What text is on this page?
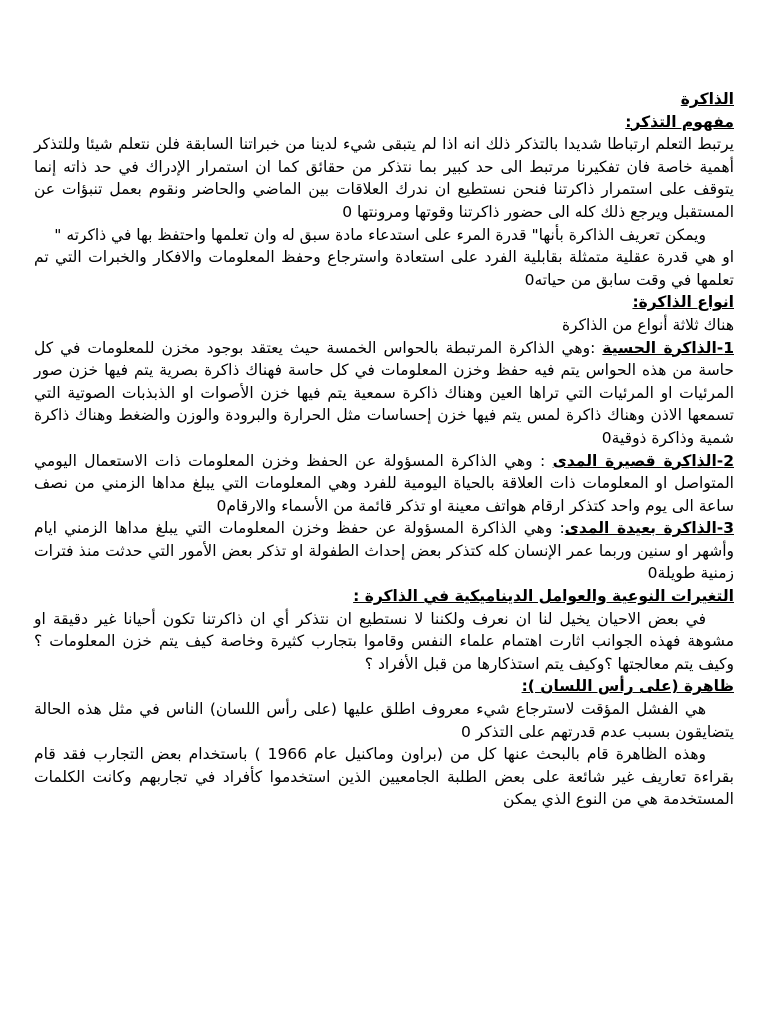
الذاكرة

مفهوم التذكر:

يرتبط التعلم ارتباطا شديدا بالتذكر ذلك انه اذا لم يتبقى شيء لدينا من خبراتنا السابقة فلن نتعلم شيئا وللتذكر أهمية خاصة فان تفكيرنا مرتبط الى حد كبير بما نتذكر من حقائق كما ان استمرار الإدراك في حد ذاته إنما يتوقف على استمرار ذاكرتنا فنحن نستطيع ان ندرك العلاقات بين الماضي والحاضر ونقوم بعمل تنبؤات عن المستقبل ويرجع ذلك كله الى حضور ذاكرتنا وقوتها ومرونتها 0

ويمكن تعريف الذاكرة بأنها" قدرة المرء على استدعاء مادة سبق له وان تعلمها واحتفظ بها في ذاكرته "

او هي قدرة عقلية متمثلة بقابلية الفرد على استعادة واسترجاع وحفظ المعلومات والافكار والخبرات التي تم تعلمها في وقت سابق من حياته0

انواع الذاكرة:

هناك ثلاثة أنواع من الذاكرة

1-الذاكرة الحسية :وهي الذاكرة المرتبطة بالحواس الخمسة حيث يعتقد بوجود مخزن للمعلومات في كل حاسة من هذه الحواس يتم فيه حفظ وخزن المعلومات في كل حاسة فهناك ذاكرة بصرية يتم فيها خزن صور المرئيات او المرئيات التي تراها العين وهناك ذاكرة سمعية يتم فيها خزن الأصوات او الذبذبات الصوتية التي تسمعها الاذن وهناك ذاكرة لمس يتم فيها خزن إحساسات مثل الحرارة والبرودة والوزن والضغط وهناك ذاكرة شمية وذاكرة ذوقية0

2-الذاكرة قصيرة المدى : وهي الذاكرة المسؤولة عن الحفظ وخزن المعلومات ذات الاستعمال اليومي المتواصل او المعلومات ذات العلاقة بالحياة اليومية للفرد وهي المعلومات التي يبلغ مداها الزمني من نصف ساعة الى يوم واحد كتذكر ارقام هواتف معينة او تذكر قائمة من الأسماء والارقام0

3-الذاكرة بعيدة المدى: وهي الذاكرة المسؤولة عن حفظ وخزن المعلومات التي يبلغ مداها الزمني ايام وأشهر او سنين وربما عمر الإنسان كله كتذكر بعض إحداث الطفولة او تذكر بعض الأمور التي حدثت منذ فترات زمنية طويلة0

التغيرات النوعية والعوامل الديناميكية في الذاكرة :

في بعض الاحيان يخيل لنا ان نعرف ولكننا لا نستطيع ان نتذكر أي ان ذاكرتنا تكون أحيانا غير دقيقة او مشوهة فهذه الجوانب اثارت اهتمام علماء النفس وقاموا بتجارب كثيرة وخاصة كيف يتم خزن المعلومات ؟وكيف يتم معالجتها ؟وكيف يتم استذكارها من قبل الأفراد ؟

ظاهرة (على رأس اللسان ):

هي الفشل المؤقت لاسترجاع شيء معروف اطلق عليها (على رأس اللسان) الناس في مثل هذه الحالة يتضايقون بسبب عدم قدرتهم على التذكر 0

وهذه الظاهرة قام بالبحث عنها كل من (براون وماكنيل عام 1966 ) باستخدام بعض التجارب فقد قام بقراءة تعاريف غير شائعة على بعض الطلبة الجامعيين الذين استخدموا كأفراد في تجاربهم وكانت الكلمات المستخدمة هي من النوع الذي يمكن
